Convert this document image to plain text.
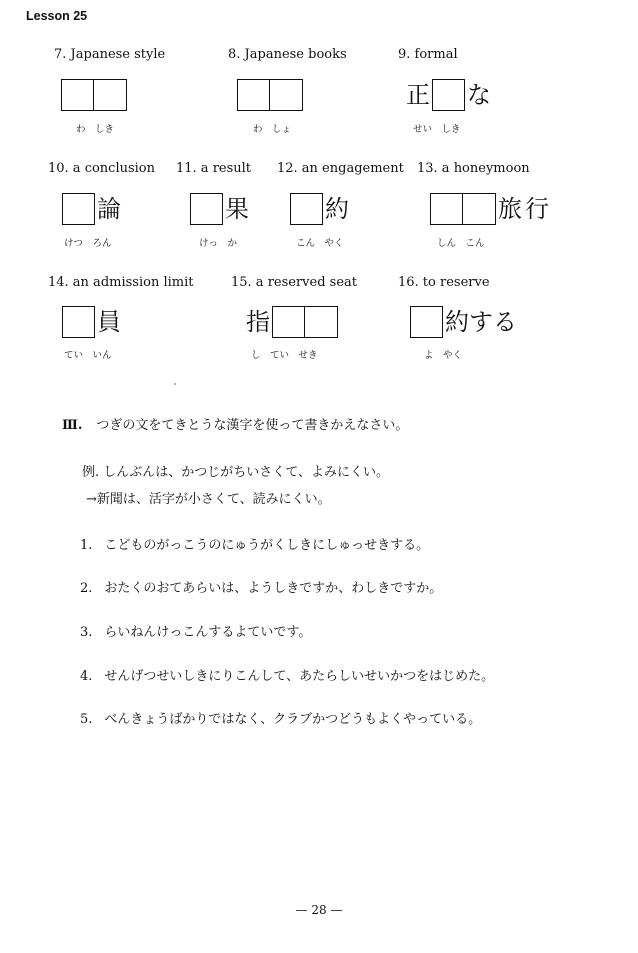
Lesson 25
7. Japanese style
わ　しき
8. Japanese books
わ　しょ
9. formal
正 な
せい　しき
10. a conclusion
論
けつ　ろん
11. a result
果
けっ　か
12. an engagement
約
こん　やく
13. a honeymoon
旅行
しん　こん
14. an admission limit
員
てい　いん
15. a reserved seat
指
し　てい　せき
16. to reserve
約する
よ　やく
Ⅲ. つぎの文をてきとうな漢字を使って書きかえなさい。
例. しんぶんは、かつじがちいさくて、よみにくい。
→新聞は、活字が小さくて、読みにくい。
1. こどものがっこうのにゅうがくしきにしゅっせきする。
2. おたくのおてあらいは、ようしきですか、わしきですか。
3. らいねんけっこんするよていです。
4. せんげつせいしきにりこんして、あたらしいせいかつをはじめた。
5. べんきょうばかりではなく、クラブかつどうもよくやっている。
— 28 —
